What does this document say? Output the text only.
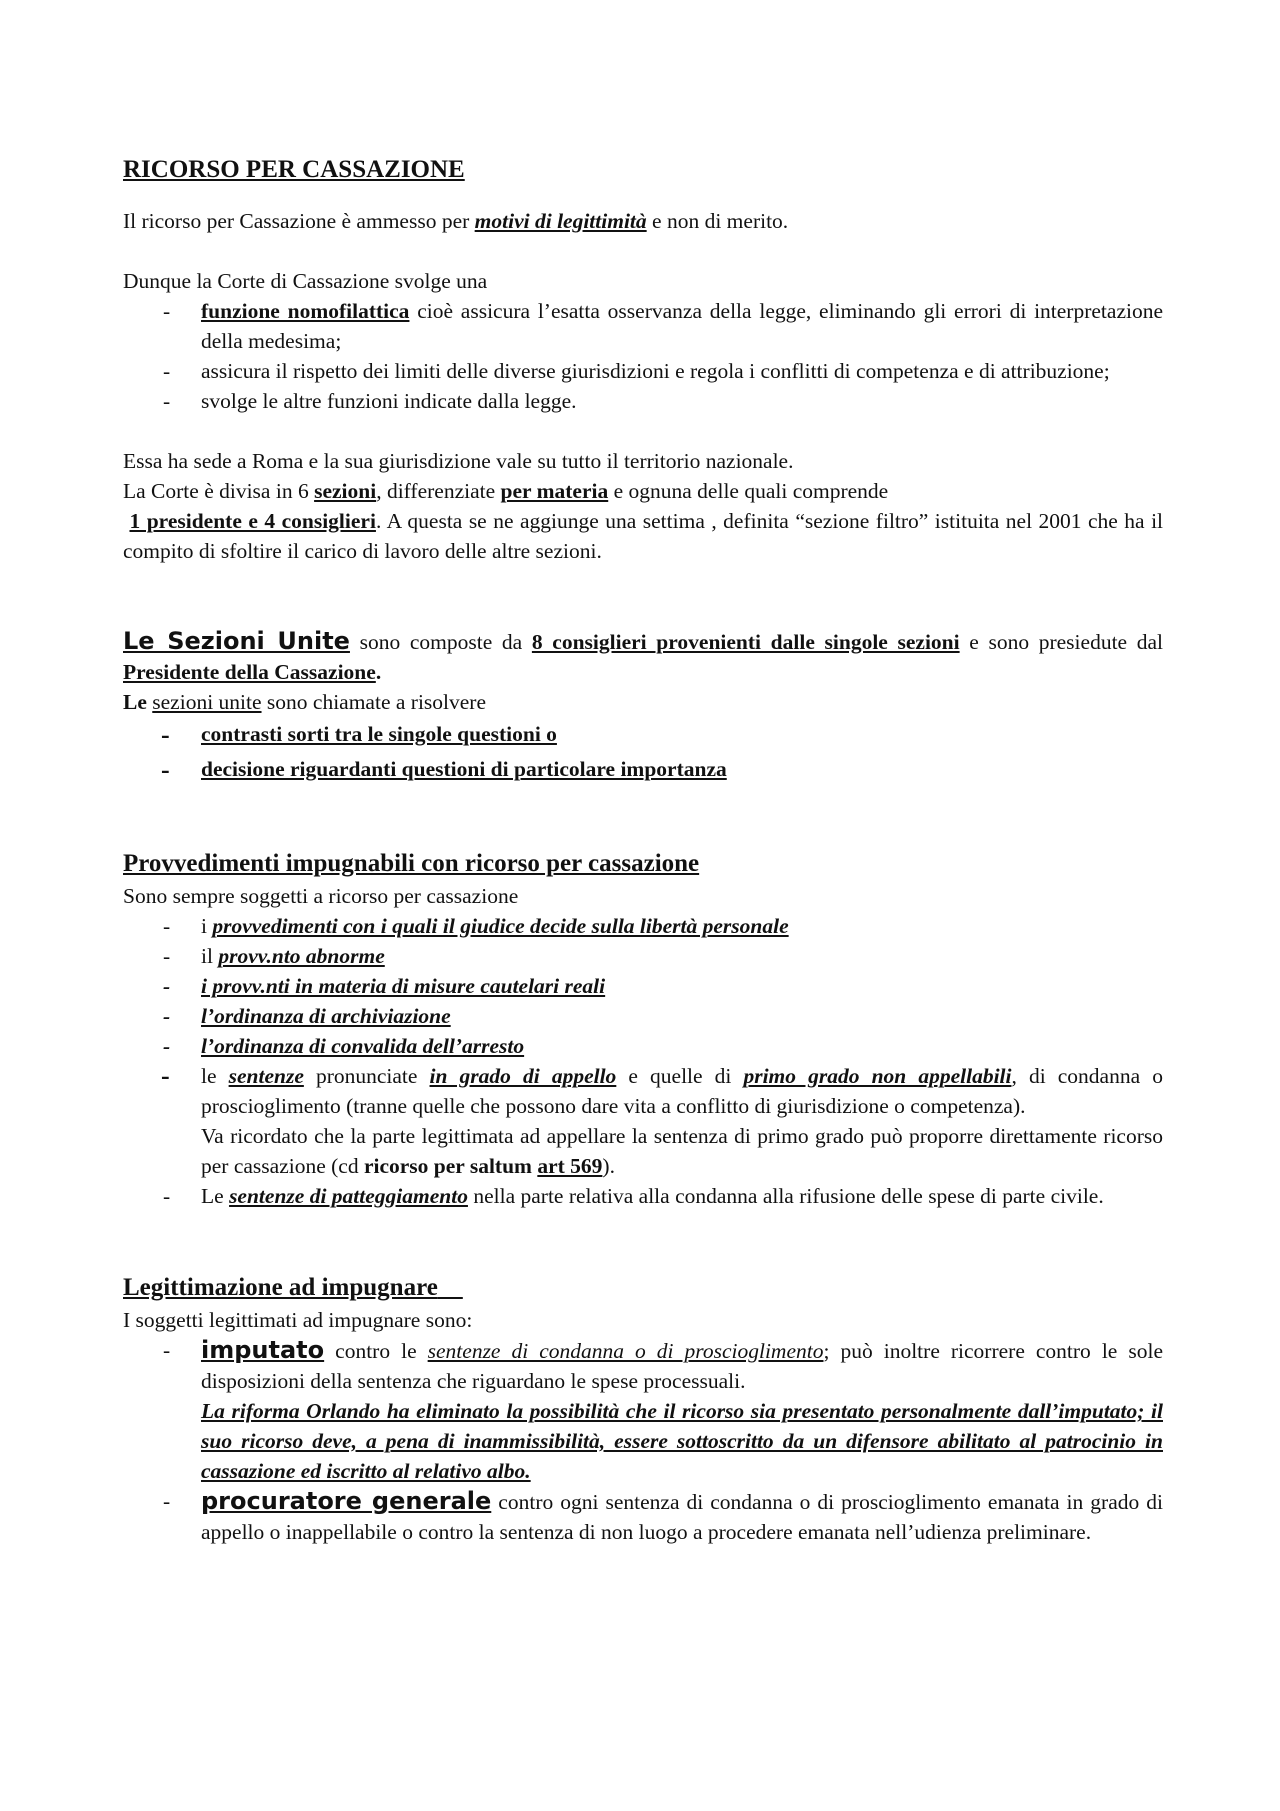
RICORSO PER CASSAZIONE

Il ricorso per Cassazione è ammesso per motivi di legittimità e non di merito.

Dunque la Corte di Cassazione svolge una

- funzione nomofilattica cioè assicura l’esatta osservanza della legge, eliminando gli errori di interpretazione della medesima;
- assicura il rispetto dei limiti delle diverse giurisdizioni e regola i conflitti di competenza e di attribuzione;
- svolge le altre funzioni indicate dalla legge.

Essa ha sede a Roma e la sua giurisdizione vale su tutto il territorio nazionale.

La Corte è divisa in 6 sezioni, differenziate per materia e ognuna delle quali comprende

1 presidente e 4 consiglieri. A questa se ne aggiunge una settima , definita “sezione filtro” istituita nel 2001 che ha il compito di sfoltire il carico di lavoro delle altre sezioni.

Le Sezioni Unite sono composte da 8 consiglieri provenienti dalle singole sezioni e sono presiedute dal Presidente della Cassazione.

Le sezioni unite sono chiamate a risolvere

- contrasti sorti tra le singole questioni o
- decisione riguardanti questioni di particolare importanza

Provvedimenti impugnabili con ricorso per cassazione

Sono sempre soggetti a ricorso per cassazione

- i provvedimenti con i quali il giudice decide sulla libertà personale
- il provv.nto abnorme
- i provv.nti in materia di misure cautelari reali
- l’ordinanza di archiviazione
- l’ordinanza di convalida dell’arresto
- le sentenze pronunciate in grado di appello e quelle di primo grado non appellabili, di condanna o proscioglimento (tranne quelle che possono dare vita a conflitto di giurisdizione o competenza).
Va ricordato che la parte legittimata ad appellare la sentenza di primo grado può proporre direttamente ricorso per cassazione (cd ricorso per saltum art 569).
- Le sentenze di patteggiamento nella parte relativa alla condanna alla rifusione delle spese di parte civile.

Legittimazione ad impugnare

I soggetti legittimati ad impugnare sono:

- imputato contro le sentenze di condanna o di proscioglimento; può inoltre ricorrere contro le sole disposizioni della sentenza che riguardano le spese processuali.
La riforma Orlando ha eliminato la possibilità che il ricorso sia presentato personalmente dall’imputato; il suo ricorso deve, a pena di inammissibilità, essere sottoscritto da un difensore abilitato al patrocinio in cassazione ed iscritto al relativo albo.
- procuratore generale contro ogni sentenza di condanna o di proscioglimento emanata in grado di appello o inappellabile o contro la sentenza di non luogo a procedere emanata nell’udienza preliminare.
